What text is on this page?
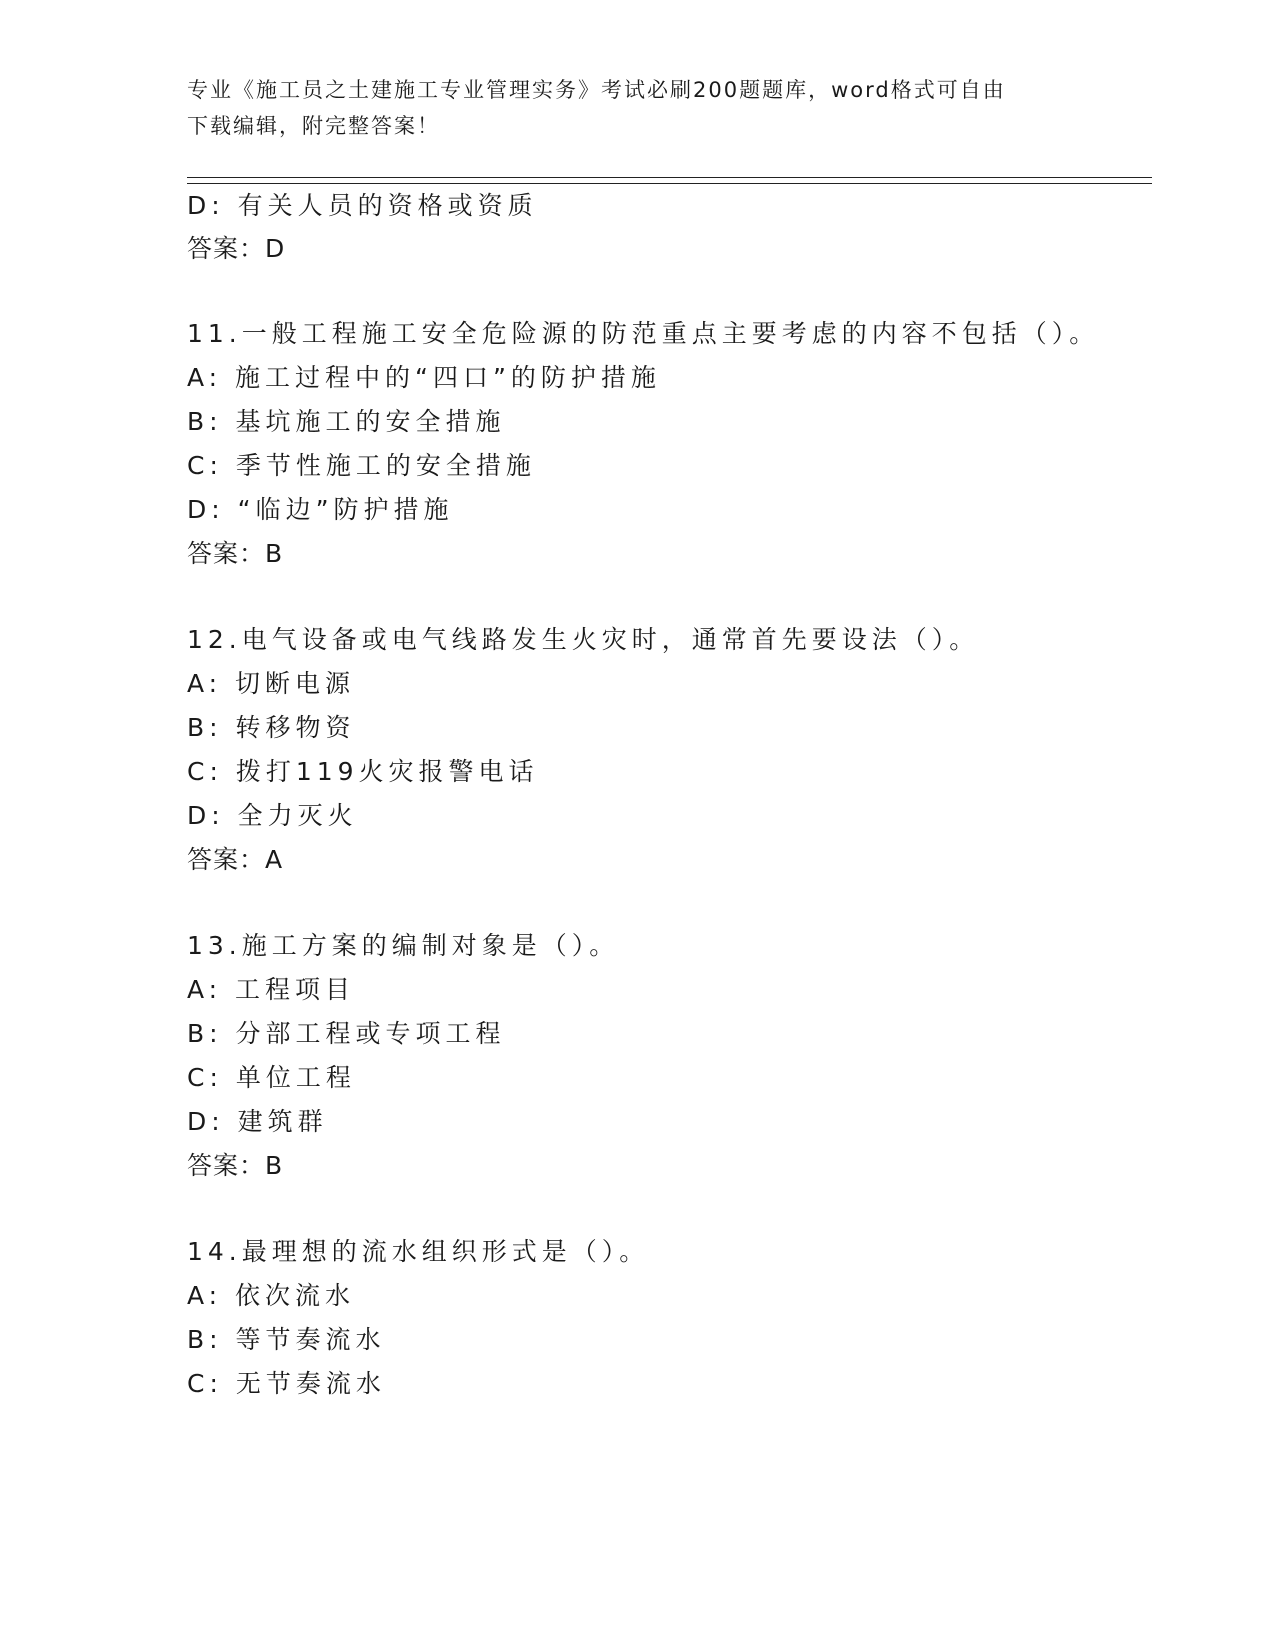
专业《施工员之土建施工专业管理实务》考试必刷200题题库，word格式可自由
下载编辑，附完整答案！
D: 有关人员的资格或资质
答案：D
11.一般工程施工安全危险源的防范重点主要考虑的内容不包括（）。
A: 施工过程中的“四口”的防护措施
B: 基坑施工的安全措施
C: 季节性施工的安全措施
D: “临边”防护措施
答案：B
12.电气设备或电气线路发生火灾时，通常首先要设法（）。
A: 切断电源
B: 转移物资
C: 拨打119火灾报警电话
D: 全力灭火
答案：A
13.施工方案的编制对象是（）。
A: 工程项目
B: 分部工程或专项工程
C: 单位工程
D: 建筑群
答案：B
14.最理想的流水组织形式是（）。
A: 依次流水
B: 等节奏流水
C: 无节奏流水
